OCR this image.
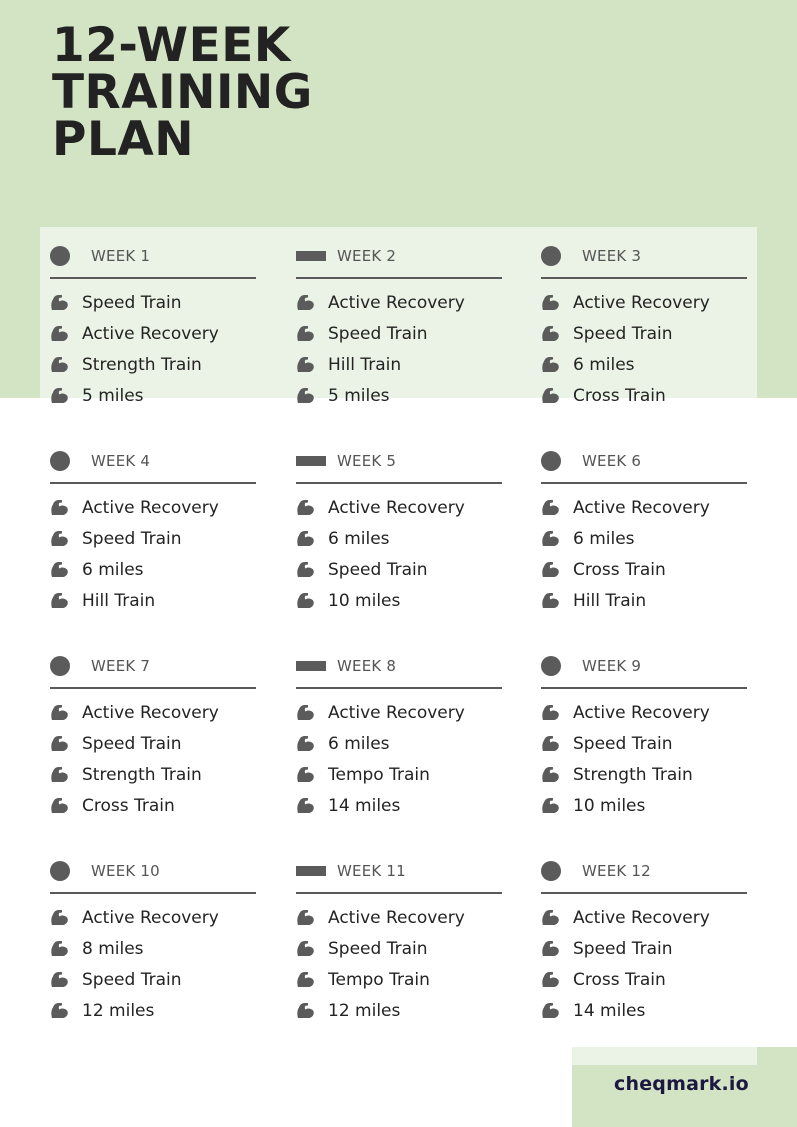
12-WEEK
TRAINING
PLAN
WEEK 1
Speed Train
Active Recovery
Strength Train
5 miles
WEEK 2
Active Recovery
Speed Train
Hill Train
5 miles
WEEK 3
Active Recovery
Speed Train
6 miles
Cross Train
WEEK 4
Active Recovery
Speed Train
6 miles
Hill Train
WEEK 5
Active Recovery
6 miles
Speed Train
10 miles
WEEK 6
Active Recovery
6 miles
Cross Train
Hill Train
WEEK 7
Active Recovery
Speed Train
Strength Train
Cross Train
WEEK 8
Active Recovery
6 miles
Tempo Train
14 miles
WEEK 9
Active Recovery
Speed Train
Strength Train
10 miles
WEEK 10
Active Recovery
8 miles
Speed Train
12 miles
WEEK 11
Active Recovery
Speed Train
Tempo Train
12 miles
WEEK 12
Active Recovery
Speed Train
Cross Train
14 miles
cheqmark.io
